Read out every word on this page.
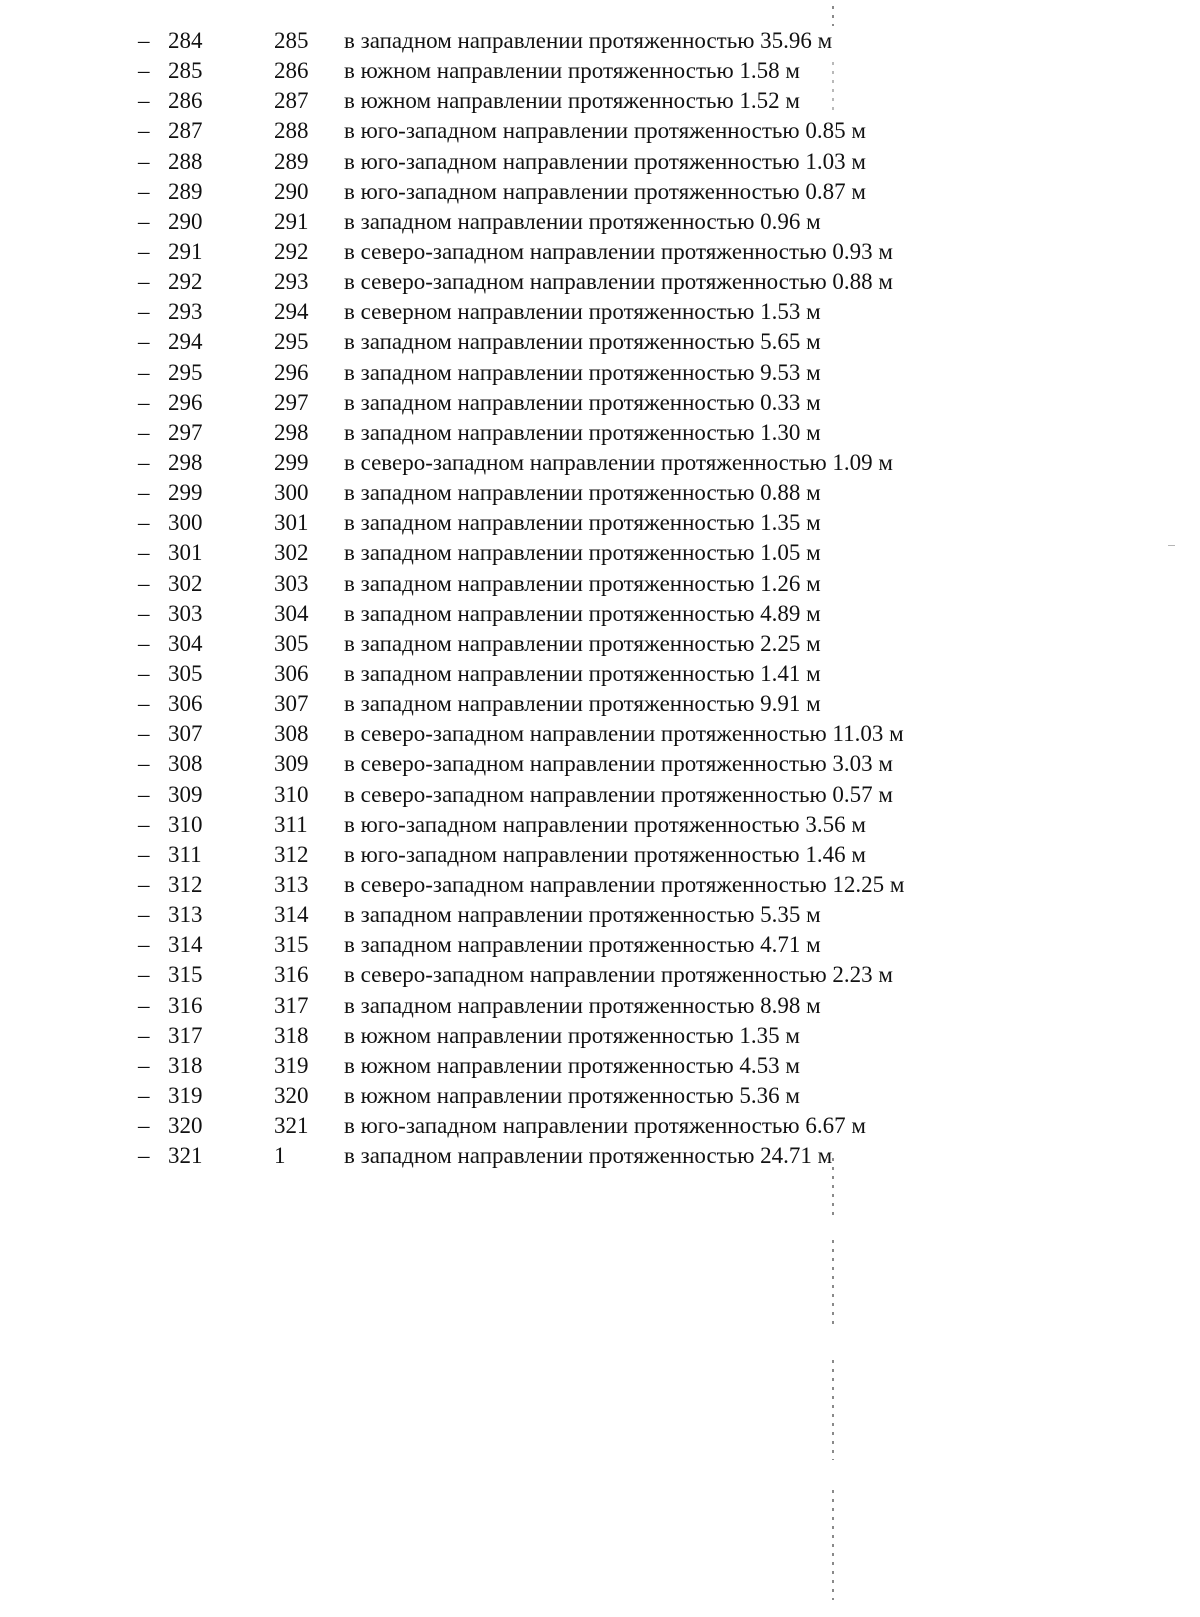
– 284	285 в западном направлении протяженностью 35.96 м
– 285	286 в южном направлении протяженностью 1.58 м
– 286	287 в южном направлении протяженностью 1.52 м
– 287	288 в юго-западном направлении протяженностью 0.85 м
– 288	289 в юго-западном направлении протяженностью 1.03 м
– 289	290 в юго-западном направлении протяженностью 0.87 м
– 290	291 в западном направлении протяженностью 0.96 м
– 291	292 в северо-западном направлении протяженностью 0.93 м
– 292	293 в северо-западном направлении протяженностью 0.88 м
– 293	294 в северном направлении протяженностью 1.53 м
– 294	295 в западном направлении протяженностью 5.65 м
– 295	296 в западном направлении протяженностью 9.53 м
– 296	297 в западном направлении протяженностью 0.33 м
– 297	298 в западном направлении протяженностью 1.30 м
– 298	299 в северо-западном направлении протяженностью 1.09 м
– 299	300 в западном направлении протяженностью 0.88 м
– 300	301 в западном направлении протяженностью 1.35 м
– 301	302 в западном направлении протяженностью 1.05 м
– 302	303 в западном направлении протяженностью 1.26 м
– 303	304 в западном направлении протяженностью 4.89 м
– 304	305 в западном направлении протяженностью 2.25 м
– 305	306 в западном направлении протяженностью 1.41 м
– 306	307 в западном направлении протяженностью 9.91 м
– 307	308 в северо-западном направлении протяженностью 11.03 м
– 308	309 в северо-западном направлении протяженностью 3.03 м
– 309	310 в северо-западном направлении протяженностью 0.57 м
– 310	311 в юго-западном направлении протяженностью 3.56 м
– 311	312 в юго-западном направлении протяженностью 1.46 м
– 312	313 в северо-западном направлении протяженностью 12.25 м
– 313	314 в западном направлении протяженностью 5.35 м
– 314	315 в западном направлении протяженностью 4.71 м
– 315	316 в северо-западном направлении протяженностью 2.23 м
– 316	317 в западном направлении протяженностью 8.98 м
– 317	318 в южном направлении протяженностью 1.35 м
– 318	319 в южном направлении протяженностью 4.53 м
– 319	320 в южном направлении протяженностью 5.36 м
– 320	321 в юго-западном направлении протяженностью 6.67 м
– 321	1	в западном направлении протяженностью 24.71 м
